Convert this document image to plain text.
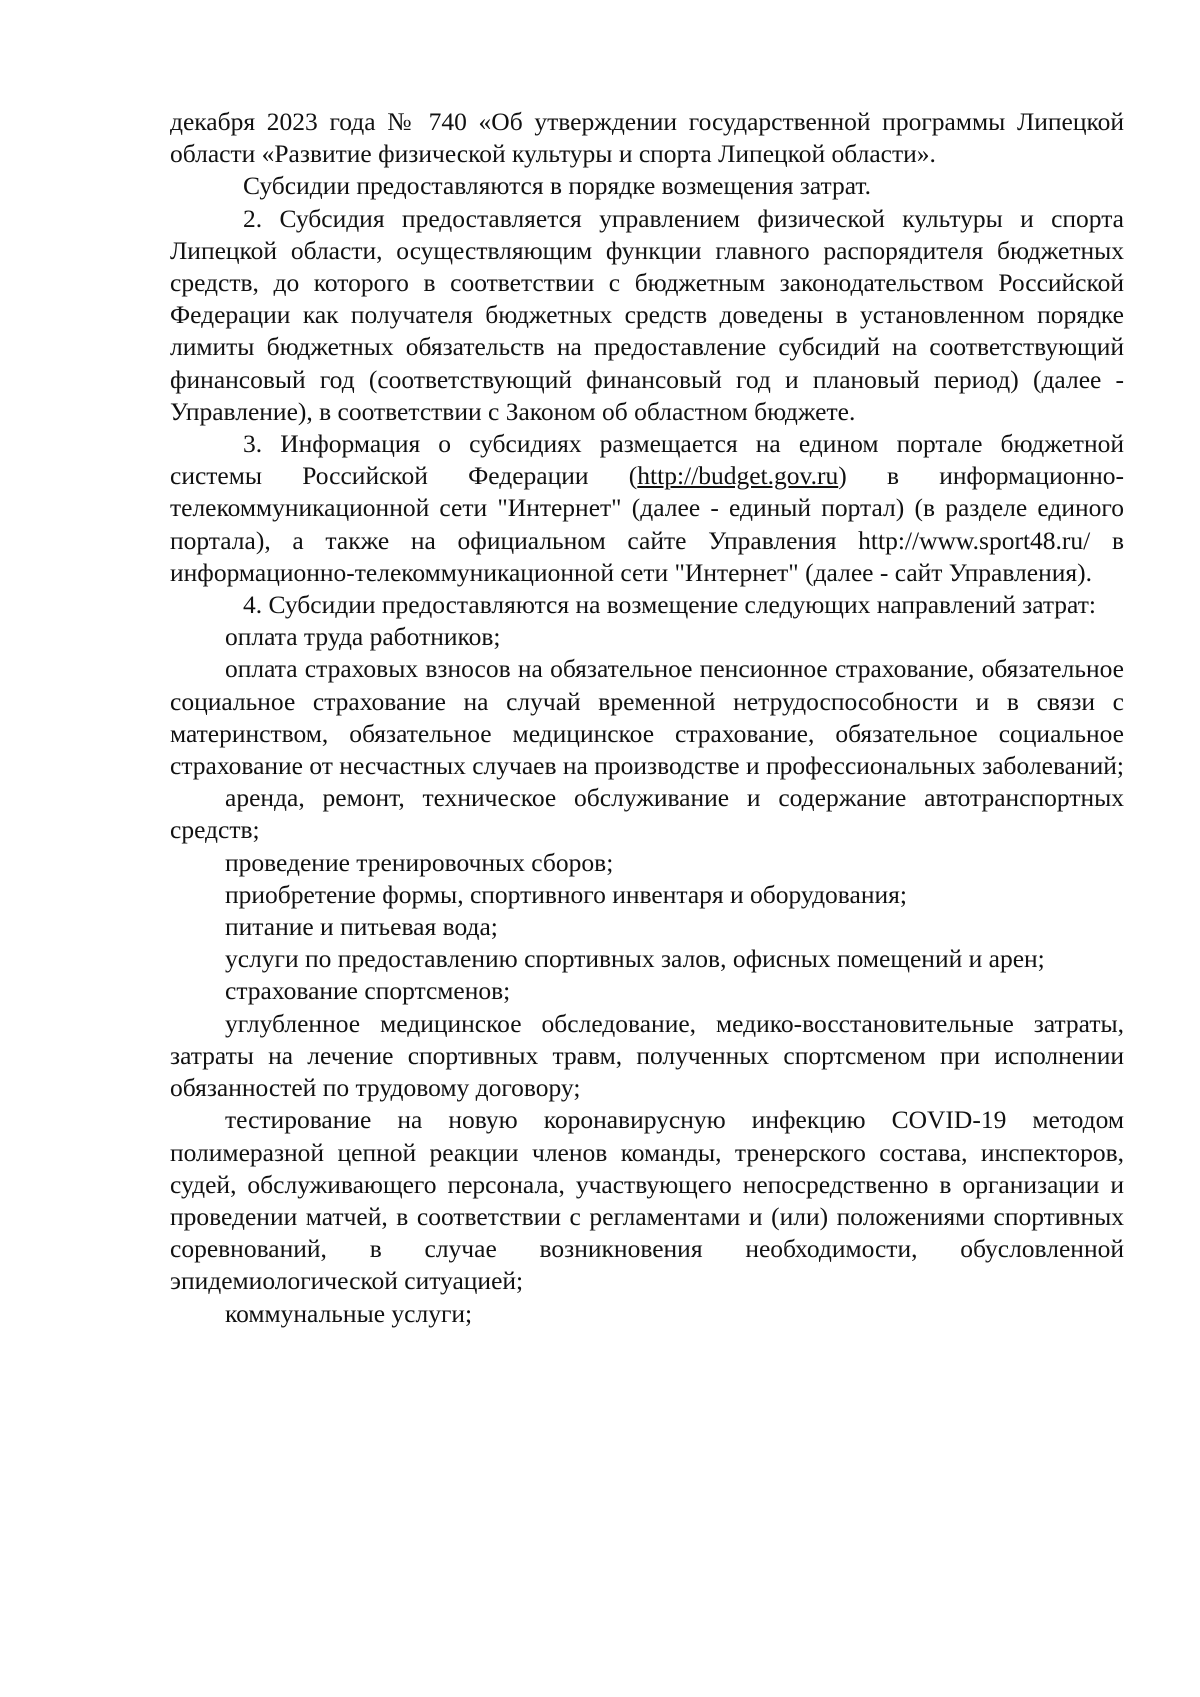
декабря 2023 года № 740 «Об утверждении государственной программы Липецкой области «Развитие физической культуры и спорта Липецкой области».

Субсидии предоставляются в порядке возмещения затрат.

2. Субсидия предоставляется управлением физической культуры и спорта Липецкой области, осуществляющим функции главного распорядителя бюджетных средств, до которого в соответствии с бюджетным законодательством Российской Федерации как получателя бюджетных средств доведены в установленном порядке лимиты бюджетных обязательств на предоставление субсидий на соответствующий финансовый год (соответствующий финансовый год и плановый период) (далее - Управление), в соответствии с Законом об областном бюджете.

3. Информация о субсидиях размещается на едином портале бюджетной системы Российской Федерации (http://budget.gov.ru) в информационно-телекоммуникационной сети "Интернет" (далее - единый портал) (в разделе единого портала), а также на официальном сайте Управления http://www.sport48.ru/ в информационно-телекоммуникационной сети "Интернет" (далее - сайт Управления).

4. Субсидии предоставляются на возмещение следующих направлений затрат:

оплата труда работников;

оплата страховых взносов на обязательное пенсионное страхование, обязательное социальное страхование на случай временной нетрудоспособности и в связи с материнством, обязательное медицинское страхование, обязательное социальное страхование от несчастных случаев на производстве и профессиональных заболеваний;

аренда, ремонт, техническое обслуживание и содержание автотранспортных средств;

проведение тренировочных сборов;

приобретение формы, спортивного инвентаря и оборудования;

питание и питьевая вода;

услуги по предоставлению спортивных залов, офисных помещений и арен;

страхование спортсменов;

углубленное медицинское обследование, медико-восстановительные затраты, затраты на лечение спортивных травм, полученных спортсменом при исполнении обязанностей по трудовому договору;

тестирование на новую коронавирусную инфекцию COVID-19 методом полимеразной цепной реакции членов команды, тренерского состава, инспекторов, судей, обслуживающего персонала, участвующего непосредственно в организации и проведении матчей, в соответствии с регламентами и (или) положениями спортивных соревнований, в случае возникновения необходимости, обусловленной эпидемиологической ситуацией;

коммунальные услуги;
